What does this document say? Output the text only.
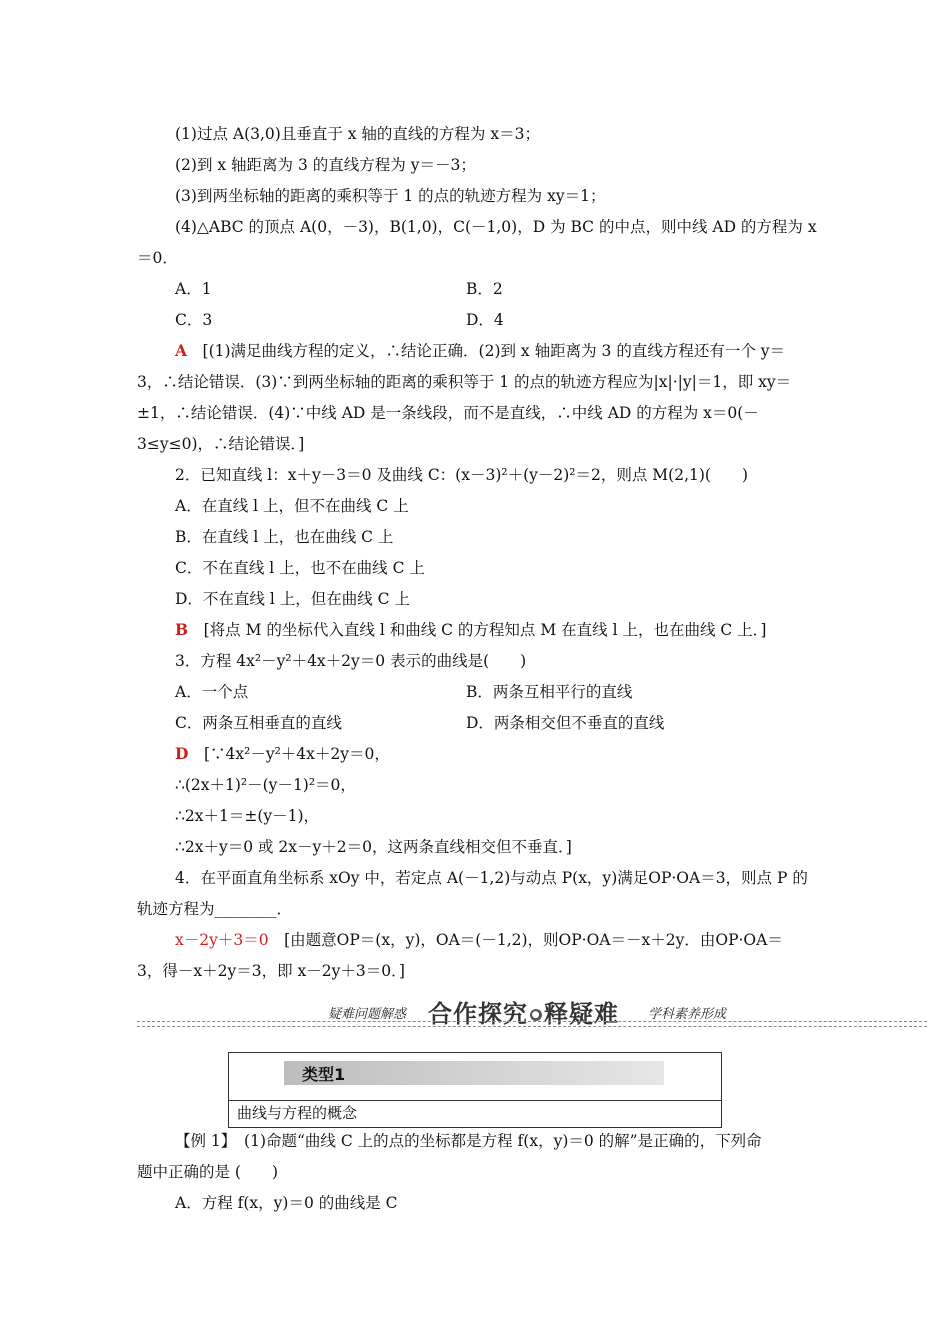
(1)过点 A(3,0)且垂直于 x 轴的直线的方程为 x＝3；
(2)到 x 轴距离为 3 的直线方程为 y＝－3；
(3)到两坐标轴的距离的乘积等于 1 的点的轨迹方程为 xy＝1；
(4)△ABC 的顶点 A(0，－3)，B(1,0)，C(－1,0)，D 为 BC 的中点，则中线 AD 的方程为 x
＝0．
A．1	B．2
C．3	D．4
A　 [(1)满足曲线方程的定义，∴结论正确．(2)到 x 轴距离为 3 的直线方程还有一个 y＝
3，∴结论错误．(3)∵到两坐标轴的距离的乘积等于 1 的点的轨迹方程应为|x|·|y|＝1，即 xy＝
±1，∴结论错误．(4)∵中线 AD 是一条线段，而不是直线，∴中线 AD 的方程为 x＝0(－
3≤y≤0)，∴结论错误．]
2．已知直线 l：x＋y－3＝0 及曲线 C：(x－3)²＋(y－2)²＝2，则点 M(2,1)(　　)
A．在直线 l 上，但不在曲线 C 上
B．在直线 l 上，也在曲线 C 上
C．不在直线 l 上，也不在曲线 C 上
D．不在直线 l 上，但在曲线 C 上
B　 [将点 M 的坐标代入直线 l 和曲线 C 的方程知点 M 在直线 l 上，也在曲线 C 上．]
3．方程 4x²－y²＋4x＋2y＝0 表示的曲线是(　　)
A．一个点	B．两条互相平行的直线
C．两条互相垂直的直线	D．两条相交但不垂直的直线
D　 [∵4x²－y²＋4x＋2y＝0，
∴(2x＋1)²－(y－1)²＝0，
∴2x＋1＝±(y－1)，
∴2x＋y＝0 或 2x－y＋2＝0，这两条直线相交但不垂直．]
4．在平面直角坐标系 xOy 中，若定点 A(－1,2)与动点 P(x，y)满足OP·OA＝3，则点 P 的
轨迹方程为________．
x－2y＋3＝0　 [由题意OP＝(x，y)，OA＝(－1,2)，则OP·OA＝－x＋2y．由OP·OA＝
3，得－x＋2y＝3，即 x－2y＋3＝0．]
疑难问题解惑 合作探究 ● 释疑难 学科素养形成
类型1
曲线与方程的概念
【例 1】　(1)命题“曲线 C 上的点的坐标都是方程 f(x，y)＝0 的解”是正确的，下列命
题中正确的是 (　　)
A．方程 f(x，y)＝0 的曲线是 C
